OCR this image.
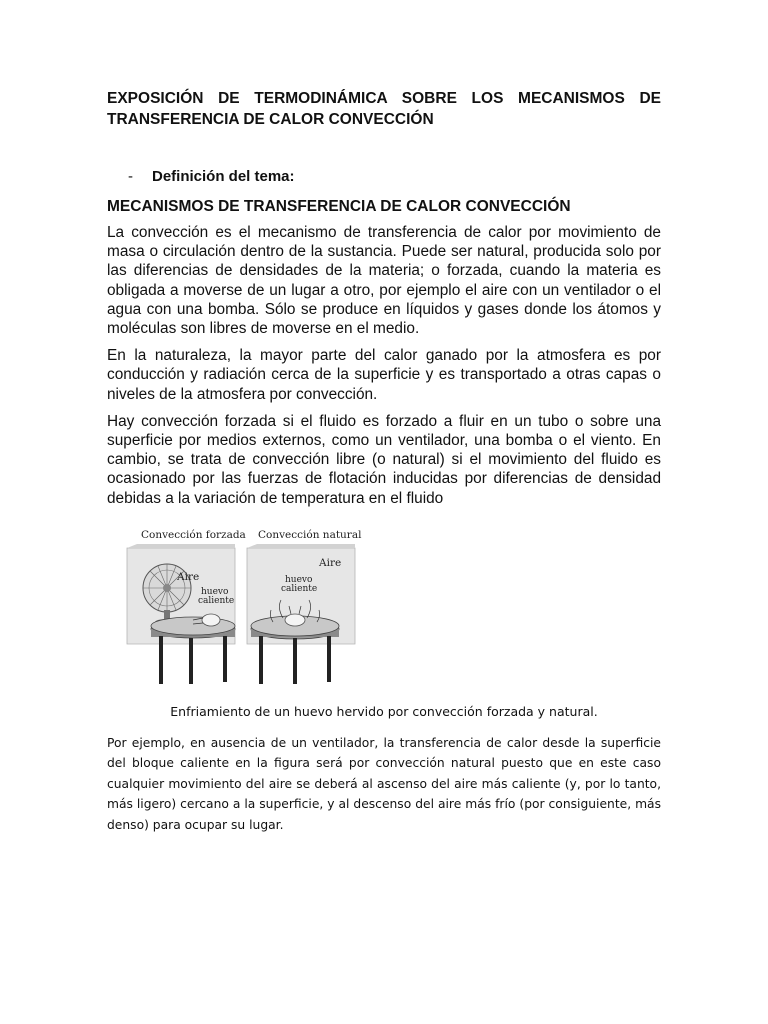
EXPOSICIÓN DE TERMODINÁMICA SOBRE LOS MECANISMOS DE TRANSFERENCIA DE CALOR CONVECCIÓN

-	Definición del tema:

MECANISMOS DE TRANSFERENCIA DE CALOR CONVECCIÓN

La convección es el mecanismo de transferencia de calor por movimiento de masa o circulación dentro de la sustancia. Puede ser natural, producida solo por las diferencias de densidades de la materia; o forzada, cuando la materia es obligada a moverse de un lugar a otro, por ejemplo el aire con un ventilador o el agua con una bomba. Sólo se produce en líquidos y gases donde los átomos y moléculas son libres de moverse en el medio.

En la naturaleza, la mayor parte del calor ganado por la atmosfera es por conducción y radiación cerca de la superficie y es transportado a otras capas o niveles de la atmosfera por convección.

Hay convección forzada si el fluido es forzado a fluir en un tubo o sobre una superficie por medios externos, como un ventilador, una bomba o el viento. En cambio, se trata de convección libre (o natural) si el movimiento del fluido es ocasionado por las fuerzas de flotación inducidas por diferencias de densidad debidas a la variación de temperatura en el fluido

Convección forzada Convección natural
Aire
huevo
caliente
Aire
huevo
caliente
Enfriamiento de un huevo hervido por convección forzada y natural.

Por ejemplo, en ausencia de un ventilador, la transferencia de calor desde la superficie del bloque caliente en la figura será por convección natural puesto que en este caso cualquier movimiento del aire se deberá al ascenso del aire más caliente (y, por lo tanto, más ligero) cercano a la superficie, y al descenso del aire más frío (por consiguiente, más denso) para ocupar su lugar.
